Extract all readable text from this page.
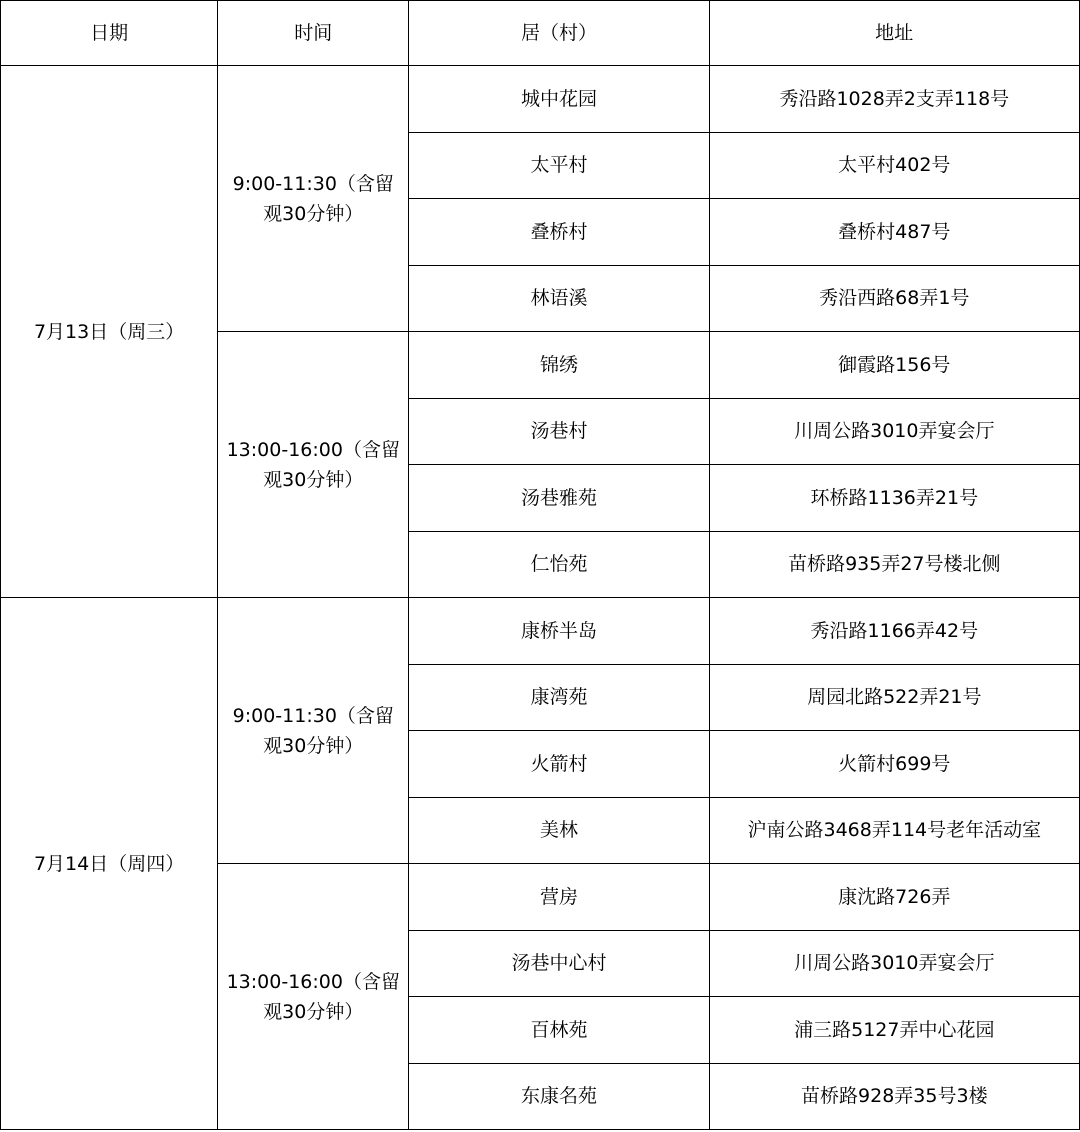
日期	时间	居（村）	地址
7月13日（周三）	9:00-11:30（含留
观30分钟）	城中花园	秀沿路1028弄2支弄118号
		太平村	太平村402号
		叠桥村	叠桥村487号
		林语溪	秀沿西路68弄1号

	13:00-16:00（含留
观30分钟）	锦绣	御霞路156号
		汤巷村	川周公路3010弄宴会厅
		汤巷雅苑	环桥路1136弄21号
		仁怡苑	苗桥路935弄27号楼北侧
7月14日（周四）	9:00-11:30（含留
观30分钟）	康桥半岛	秀沿路1166弄42号
		康湾苑	周园北路522弄21号
		火箭村	火箭村699号
		美林	沪南公路3468弄114号老年活动室

	13:00-16:00（含留
观30分钟）	营房	康沈路726弄
		汤巷中心村	川周公路3010弄宴会厅
		百林苑	浦三路5127弄中心花园
		东康名苑	苗桥路928弄35号3楼
